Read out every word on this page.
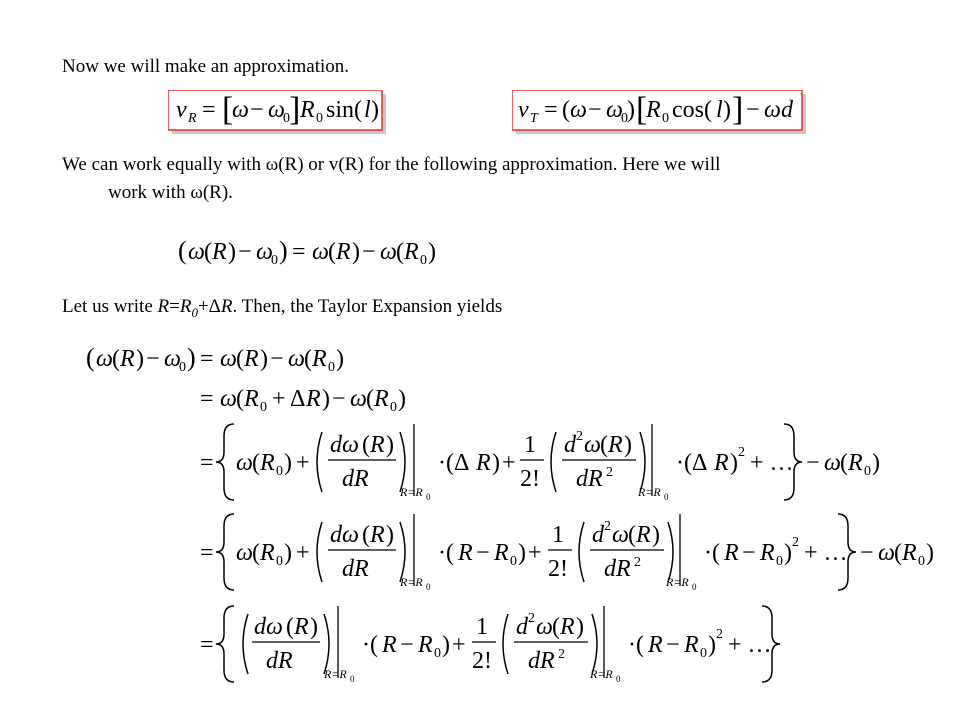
Now we will make an approximation.
v R = [
ω − ω
0 ] R 0 sin( l )	v T = ( ω − ω
0 ) [
R 0 cos( l ) ] − ωd
We can work equally with ω(R) or v(R) for the following approximation. Here we will
work with ω(R).
( ω ( R ) − ω
0 ) = ω ( R ) − ω ( R 0 )
Let us write $R=R_0+\Delta R$. Then, the Taylor Expansion yields
( ω ( R ) − ω
0 ) = ω ( R ) − ω ( R 0 )
= ω ( R 0 + Δ R ) − ω ( R 0 )
= ω ( R 0 ) +
dω ( R )
dR	R=R 0
·(Δ R ) +
1
2!
d 2 ω ( R )
dR 2
R=R 0
·(Δ R ) 2 + … − ω ( R 0 )
= ω ( R 0 ) +
dω ( R )
dR	R=R 0
·( R − R 0 ) +
1
2!
d 2 ω ( R )
dR 2
R=R 0
·( R − R 0 ) 2 + … − ω ( R 0 )
=
dω ( R )
dR	R=R 0
·( R − R 0 ) +
1
2!
d 2 ω ( R )
dR 2
R=R 0
·( R − R 0 ) 2 + …
